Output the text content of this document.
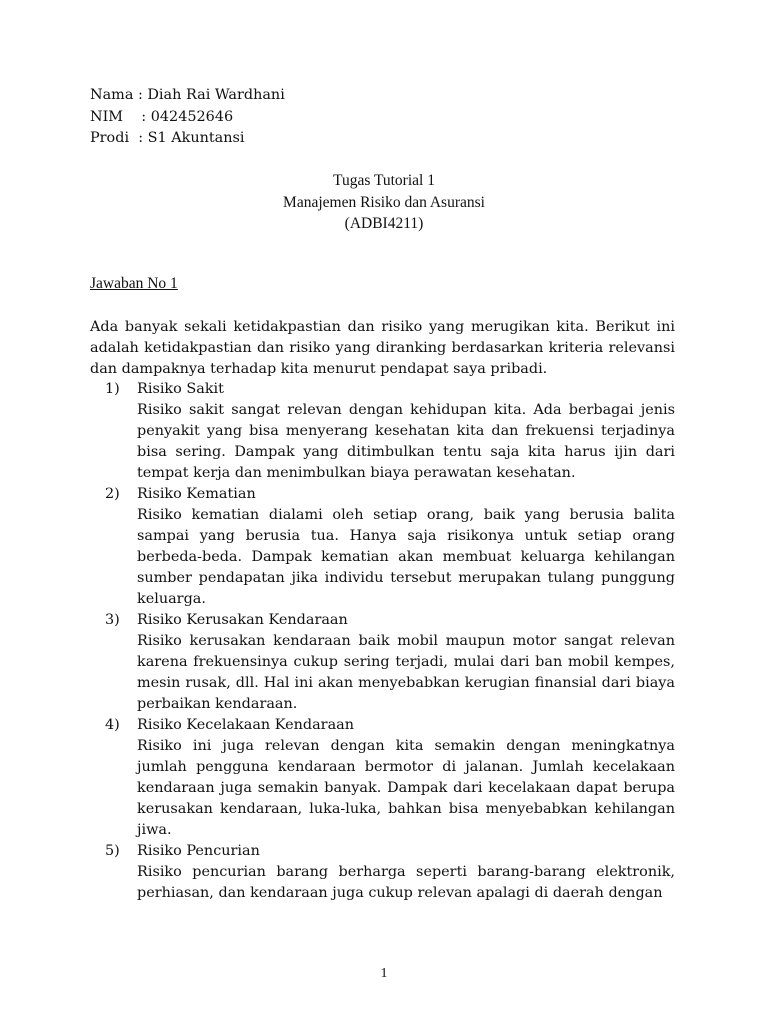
Nama : Diah Rai Wardhani
NIM    : 042452646
Prodi  : S1 Akuntansi
Tugas Tutorial 1
Manajemen Risiko dan Asuransi
(ADBI4211)
Jawaban No 1
Ada banyak sekali ketidakpastian dan risiko yang merugikan kita. Berikut ini adalah ketidakpastian dan risiko yang diranking berdasarkan kriteria relevansi dan dampaknya terhadap kita menurut pendapat saya pribadi.
1)	Risiko Sakit
Risiko sakit sangat relevan dengan kehidupan kita. Ada berbagai jenis penyakit yang bisa menyerang kesehatan kita dan frekuensi terjadinya bisa sering. Dampak yang ditimbulkan tentu saja kita harus ijin dari tempat kerja dan menimbulkan biaya perawatan kesehatan.
2)	Risiko Kematian
Risiko kematian dialami oleh setiap orang, baik yang berusia balita sampai yang berusia tua. Hanya saja risikonya untuk setiap orang berbeda-beda. Dampak kematian akan membuat keluarga kehilangan sumber pendapatan jika individu tersebut merupakan tulang punggung keluarga.
3)	Risiko Kerusakan Kendaraan
Risiko kerusakan kendaraan baik mobil maupun motor sangat relevan karena frekuensinya cukup sering terjadi, mulai dari ban mobil kempes, mesin rusak, dll. Hal ini akan menyebabkan kerugian finansial dari biaya perbaikan kendaraan.
4)	Risiko Kecelakaan Kendaraan
Risiko ini juga relevan dengan kita semakin dengan meningkatnya jumlah pengguna kendaraan bermotor di jalanan. Jumlah kecelakaan kendaraan juga semakin banyak. Dampak dari kecelakaan dapat berupa kerusakan kendaraan, luka-luka, bahkan bisa menyebabkan kehilangan jiwa.
5)	Risiko Pencurian
Risiko pencurian barang berharga seperti barang-barang elektronik, perhiasan, dan kendaraan juga cukup relevan apalagi di daerah dengan
1
